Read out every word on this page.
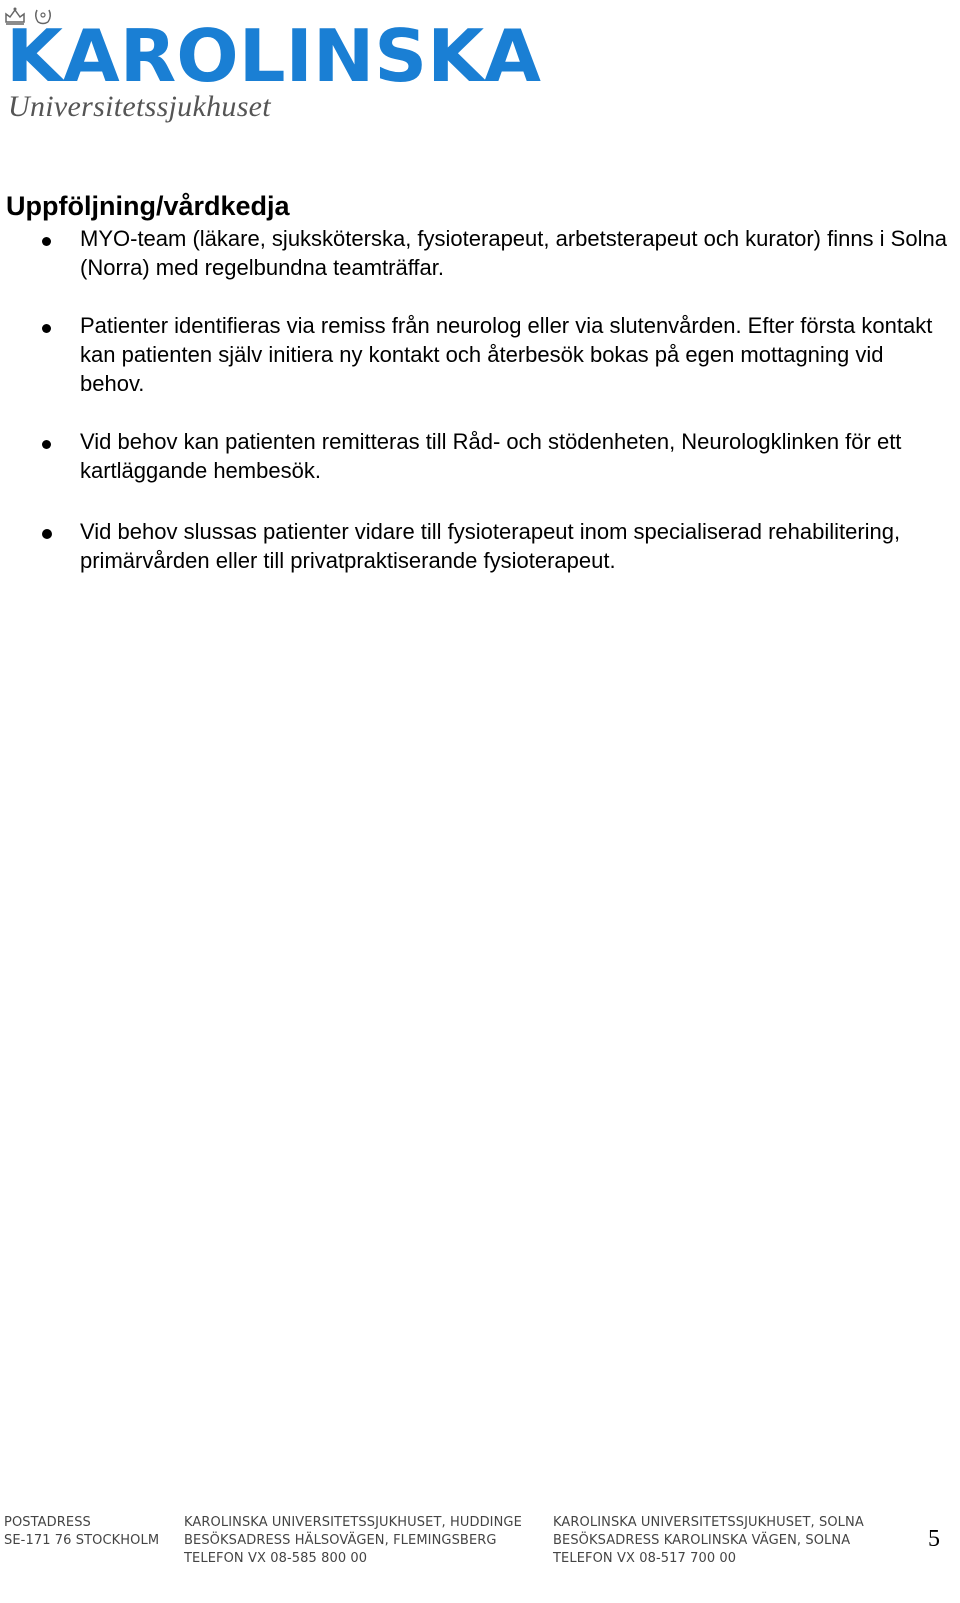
KAROLINSKA
Universitetssjukhuset
Uppföljning/vårdkedja
MYO-team (läkare, sjuksköterska, fysioterapeut, arbetsterapeut och kurator) finns i Solna (Norra) med regelbundna teamträffar.
Patienter identifieras via remiss från neurolog eller via slutenvården. Efter första kontakt kan patienten själv initiera ny kontakt och återbesök bokas på egen mottagning vid behov.
Vid behov kan patienten remitteras till Råd- och stödenheten, Neurologklinken för ett kartläggande hembesök.
Vid behov slussas patienter vidare till fysioterapeut inom specialiserad rehabilitering, primärvården eller till privatpraktiserande fysioterapeut.
POSTADRESS
SE-171 76 STOCKHOLM
KAROLINSKA UNIVERSITETSSJUKHUSET, HUDDINGE
BESÖKSADRESS HÄLSOVÄGEN, FLEMINGSBERG
TELEFON VX 08-585 800 00
KAROLINSKA UNIVERSITETSSJUKHUSET, SOLNA
BESÖKSADRESS KAROLINSKA VÄGEN, SOLNA
TELEFON VX 08-517 700 00
5
